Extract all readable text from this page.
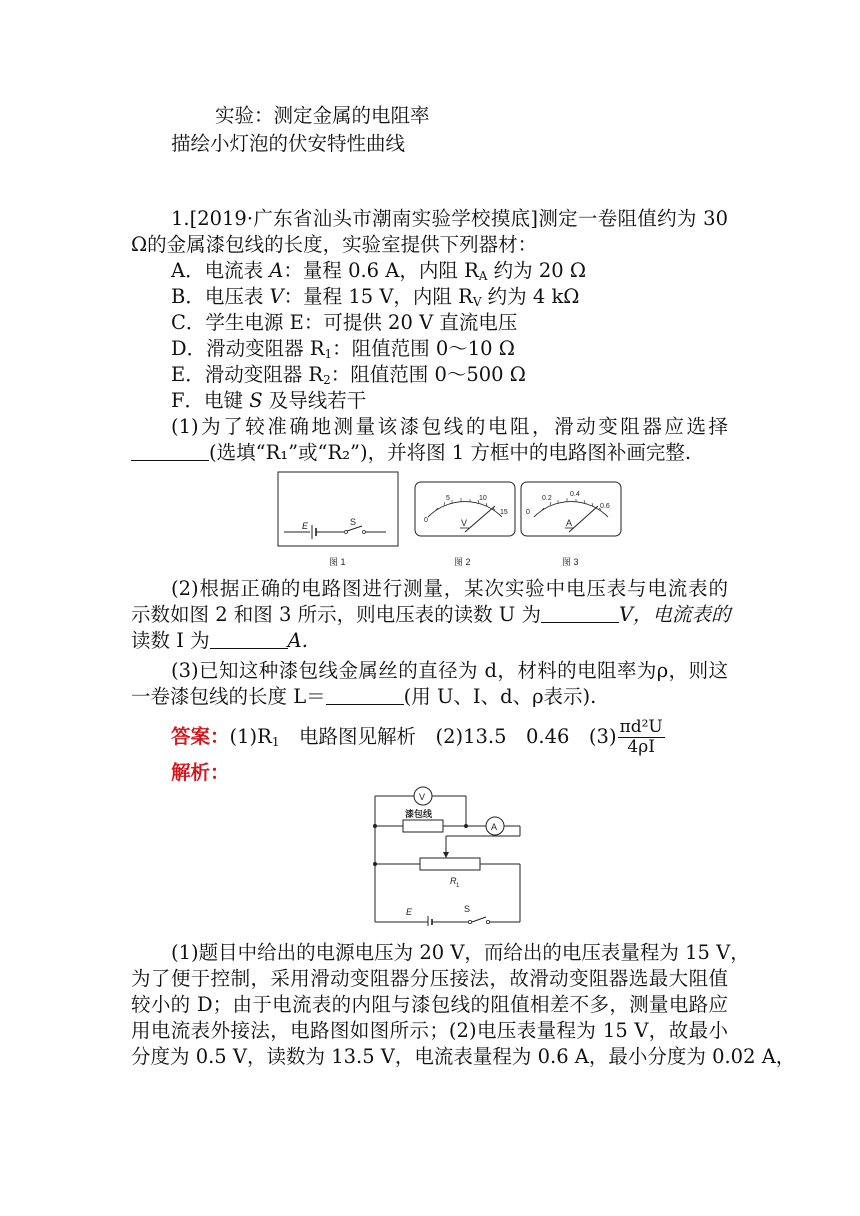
实验：测定金属的电阻率
描绘小灯泡的伏安特性曲线
1.[2019·广东省汕头市潮南实验学校摸底]测定一卷阻值约为 30
Ω的金属漆包线的长度，实验室提供下列器材：
A．电流表 A：量程 0.6 A，内阻 $R_A$ 约为 20 Ω
B．电压表 V：量程 15 V，内阻 $R_V$ 约为 4 kΩ
C．学生电源 E：可提供 20 V 直流电压
D．滑动变阻器 $R_1$：阻值范围 0～10 Ω
E．滑动变阻器 $R_2$：阻值范围 0～500 Ω
F．电键 S 及导线若干
(1)为了较准确地测量该漆包线的电阻，滑动变阻器应选择
(选填“R₁”或“R₂”)，并将图 1 方框中的电路图补画完整.
E	S
图 1
0
5	10
15
V
图 2
0
0.2
0.4
0.6
A
图 3
(2)根据正确的电路图进行测量，某次实验中电压表与电流表的
示数如图 2 和图 3 所示，则电压表的读数 U 为	V，电流表的
读数 I 为	A.
(3)已知这种漆包线金属丝的直径为 d，材料的电阻率为ρ，则这
一卷漆包线的长度 L＝	(用 U、I、d、ρ表示).
答案：$(1)R_1$　电路图见解析　(2)13.5　0.46　$(3) \frac{\text{πd²U}}{4\rho I}$
解析：
V
A
漆包线
R 1
E	S
(1)题目中给出的电源电压为 20 V，而给出的电压表量程为 15 V，
为了便于控制，采用滑动变阻器分压接法，故滑动变阻器选最大阻值
较小的 D；由于电流表的内阻与漆包线的阻值相差不多，测量电路应
用电流表外接法，电路图如图所示；(2)电压表量程为 15 V，故最小
分度为 0.5 V，读数为 13.5 V，电流表量程为 0.6 A，最小分度为 0.02 A，
